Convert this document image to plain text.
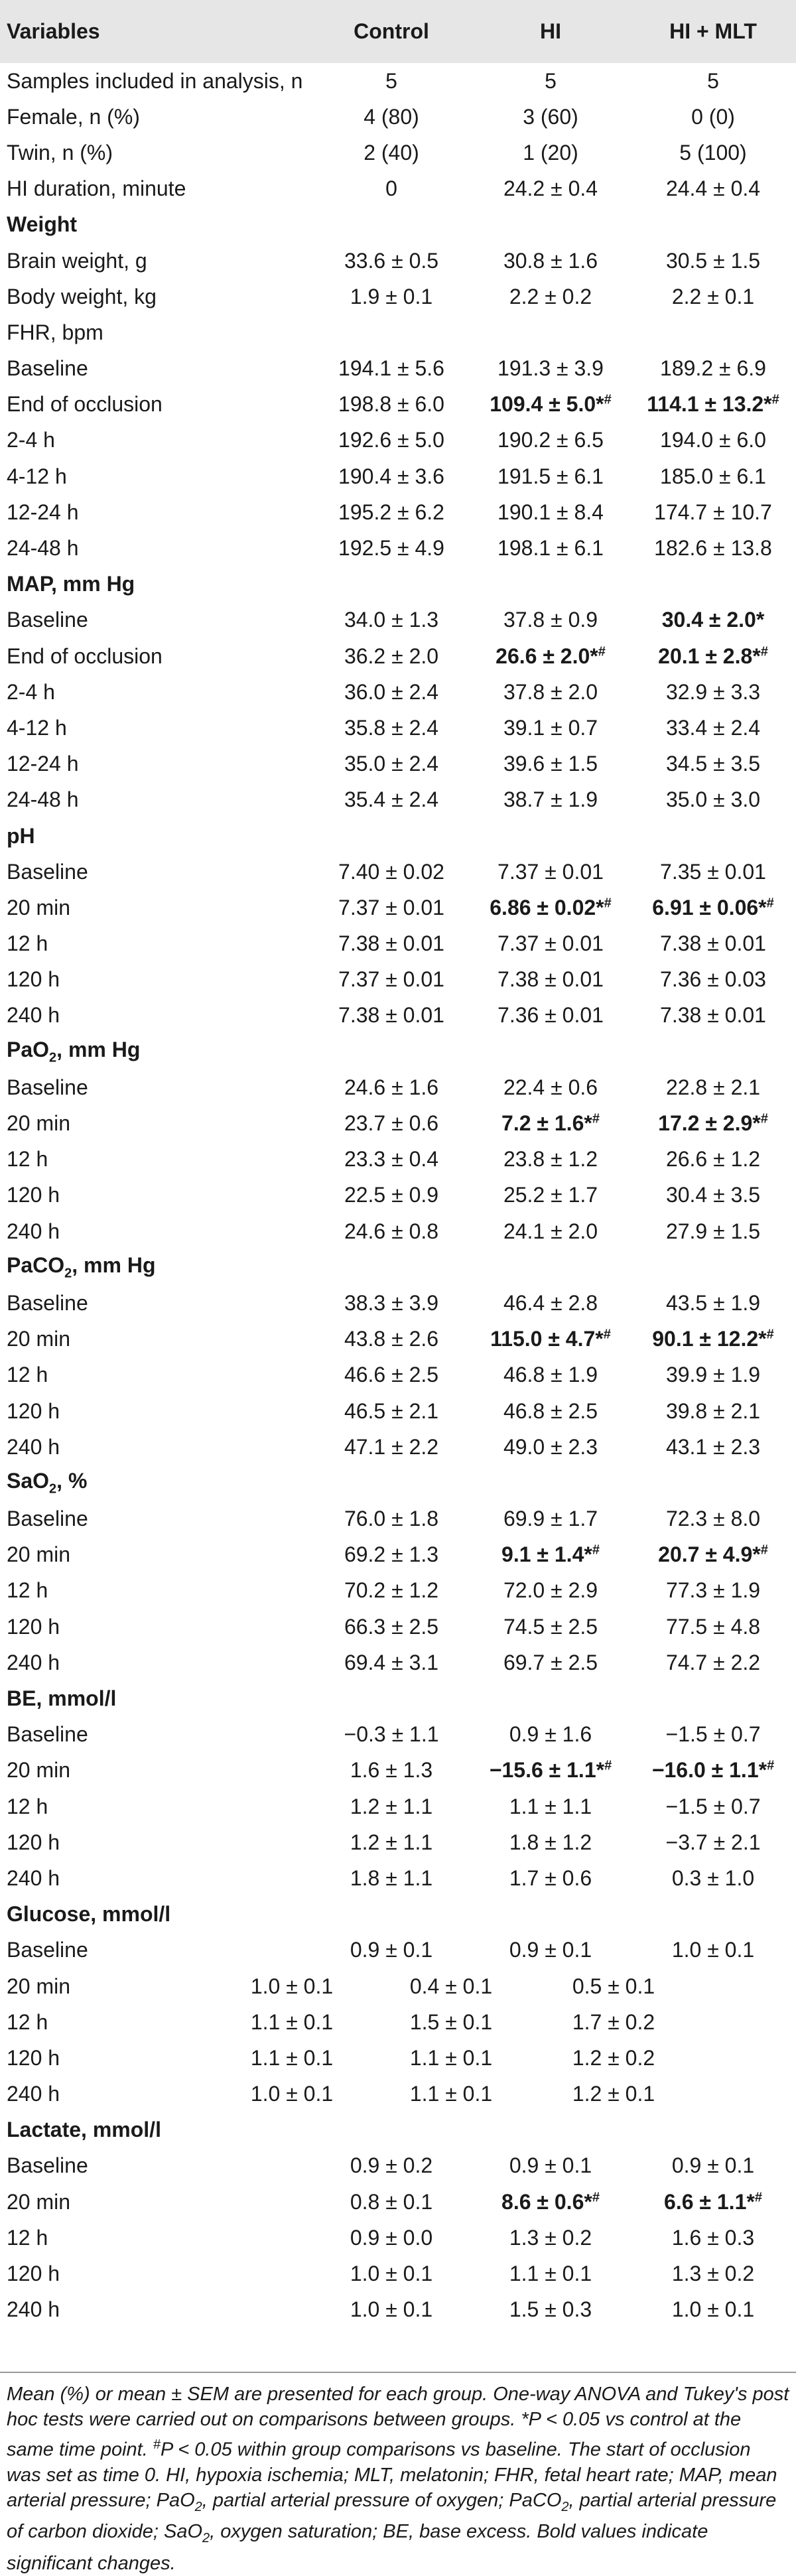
Variables	Control	HI	HI + MLT
Samples included in analysis, n	5	5	5
Female, n (%)	4 (80)	3 (60)	0 (0)
Twin, n (%)	2 (40)	1 (20)	5 (100)
HI duration, minute	0	24.2 ± 0.4	24.4 ± 0.4
Weight			
Brain weight, g	33.6 ± 0.5	30.8 ± 1.6	30.5 ± 1.5
Body weight, kg	1.9 ± 0.1	2.2 ± 0.2	2.2 ± 0.1
FHR, bpm			
Baseline	194.1 ± 5.6	191.3 ± 3.9	189.2 ± 6.9
End of occlusion	198.8 ± 6.0	109.4 ± 5.0*#	114.1 ± 13.2*#
2-4 h	192.6 ± 5.0	190.2 ± 6.5	194.0 ± 6.0
4-12 h	190.4 ± 3.6	191.5 ± 6.1	185.0 ± 6.1
12-24 h	195.2 ± 6.2	190.1 ± 8.4	174.7 ± 10.7
24-48 h	192.5 ± 4.9	198.1 ± 6.1	182.6 ± 13.8
MAP, mm Hg			
Baseline	34.0 ± 1.3	37.8 ± 0.9	30.4 ± 2.0*
End of occlusion	36.2 ± 2.0	26.6 ± 2.0*#	20.1 ± 2.8*#
2-4 h	36.0 ± 2.4	37.8 ± 2.0	32.9 ± 3.3
4-12 h	35.8 ± 2.4	39.1 ± 0.7	33.4 ± 2.4
12-24 h	35.0 ± 2.4	39.6 ± 1.5	34.5 ± 3.5
24-48 h	35.4 ± 2.4	38.7 ± 1.9	35.0 ± 3.0
pH			
Baseline	7.40 ± 0.02	7.37 ± 0.01	7.35 ± 0.01
20 min	7.37 ± 0.01	6.86 ± 0.02*#	6.91 ± 0.06*#
12 h	7.38 ± 0.01	7.37 ± 0.01	7.38 ± 0.01
120 h	7.37 ± 0.01	7.38 ± 0.01	7.36 ± 0.03
240 h	7.38 ± 0.01	7.36 ± 0.01	7.38 ± 0.01
PaO$_2$, mm Hg			
Baseline	24.6 ± 1.6	22.4 ± 0.6	22.8 ± 2.1
20 min	23.7 ± 0.6	7.2 ± 1.6*#	17.2 ± 2.9*#
12 h	23.3 ± 0.4	23.8 ± 1.2	26.6 ± 1.2
120 h	22.5 ± 0.9	25.2 ± 1.7	30.4 ± 3.5
240 h	24.6 ± 0.8	24.1 ± 2.0	27.9 ± 1.5
PaCO$_2$, mm Hg			
Baseline	38.3 ± 3.9	46.4 ± 2.8	43.5 ± 1.9
20 min	43.8 ± 2.6	115.0 ± 4.7*#	90.1 ± 12.2*#
12 h	46.6 ± 2.5	46.8 ± 1.9	39.9 ± 1.9
120 h	46.5 ± 2.1	46.8 ± 2.5	39.8 ± 2.1
240 h	47.1 ± 2.2	49.0 ± 2.3	43.1 ± 2.3
SaO$_2$, %			
Baseline	76.0 ± 1.8	69.9 ± 1.7	72.3 ± 8.0
20 min	69.2 ± 1.3	9.1 ± 1.4*#	20.7 ± 4.9*#
12 h	70.2 ± 1.2	72.0 ± 2.9	77.3 ± 1.9
120 h	66.3 ± 2.5	74.5 ± 2.5	77.5 ± 4.8
240 h	69.4 ± 3.1	69.7 ± 2.5	74.7 ± 2.2
BE, mmol/l			
Baseline	−0.3 ± 1.1	0.9 ± 1.6	−1.5 ± 0.7
20 min	1.6 ± 1.3	−15.6 ± 1.1*#	−16.0 ± 1.1*#
12 h	1.2 ± 1.1	1.1 ± 1.1	−1.5 ± 0.7
120 h	1.2 ± 1.1	1.8 ± 1.2	−3.7 ± 2.1
240 h	1.8 ± 1.1	1.7 ± 0.6	0.3 ± 1.0
Glucose, mmol/l			
Baseline	0.9 ± 0.1	0.9 ± 0.1	1.0 ± 0.1
20 min	1.0 ± 0.1	0.4 ± 0.1	0.5 ± 0.1
12 h	1.1 ± 0.1	1.5 ± 0.1	1.7 ± 0.2
120 h	1.1 ± 0.1	1.1 ± 0.1	1.2 ± 0.2
240 h	1.0 ± 0.1	1.1 ± 0.1	1.2 ± 0.1
Lactate, mmol/l			
Baseline	0.9 ± 0.2	0.9 ± 0.1	0.9 ± 0.1
20 min	0.8 ± 0.1	8.6 ± 0.6*#	6.6 ± 1.1*#
12 h	0.9 ± 0.0	1.3 ± 0.2	1.6 ± 0.3
120 h	1.0 ± 0.1	1.1 ± 0.1	1.3 ± 0.2
240 h	1.0 ± 0.1	1.5 ± 0.3	1.0 ± 0.1
Mean (%) or mean ± SEM are presented for each group. One-way ANOVA and Tukey's post hoc tests were carried out on comparisons between groups. *P < 0.05 vs control at the same time point. #P < 0.05 within group comparisons vs baseline. The start of occlusion was set as time 0. HI, hypoxia ischemia; MLT, melatonin; FHR, fetal heart rate; MAP, mean arterial pressure; PaO$_2$, partial arterial pressure of oxygen; PaCO$_2$, partial arterial pressure of carbon dioxide; SaO$_2$, oxygen saturation; BE, base excess. Bold values indicate significant changes.
